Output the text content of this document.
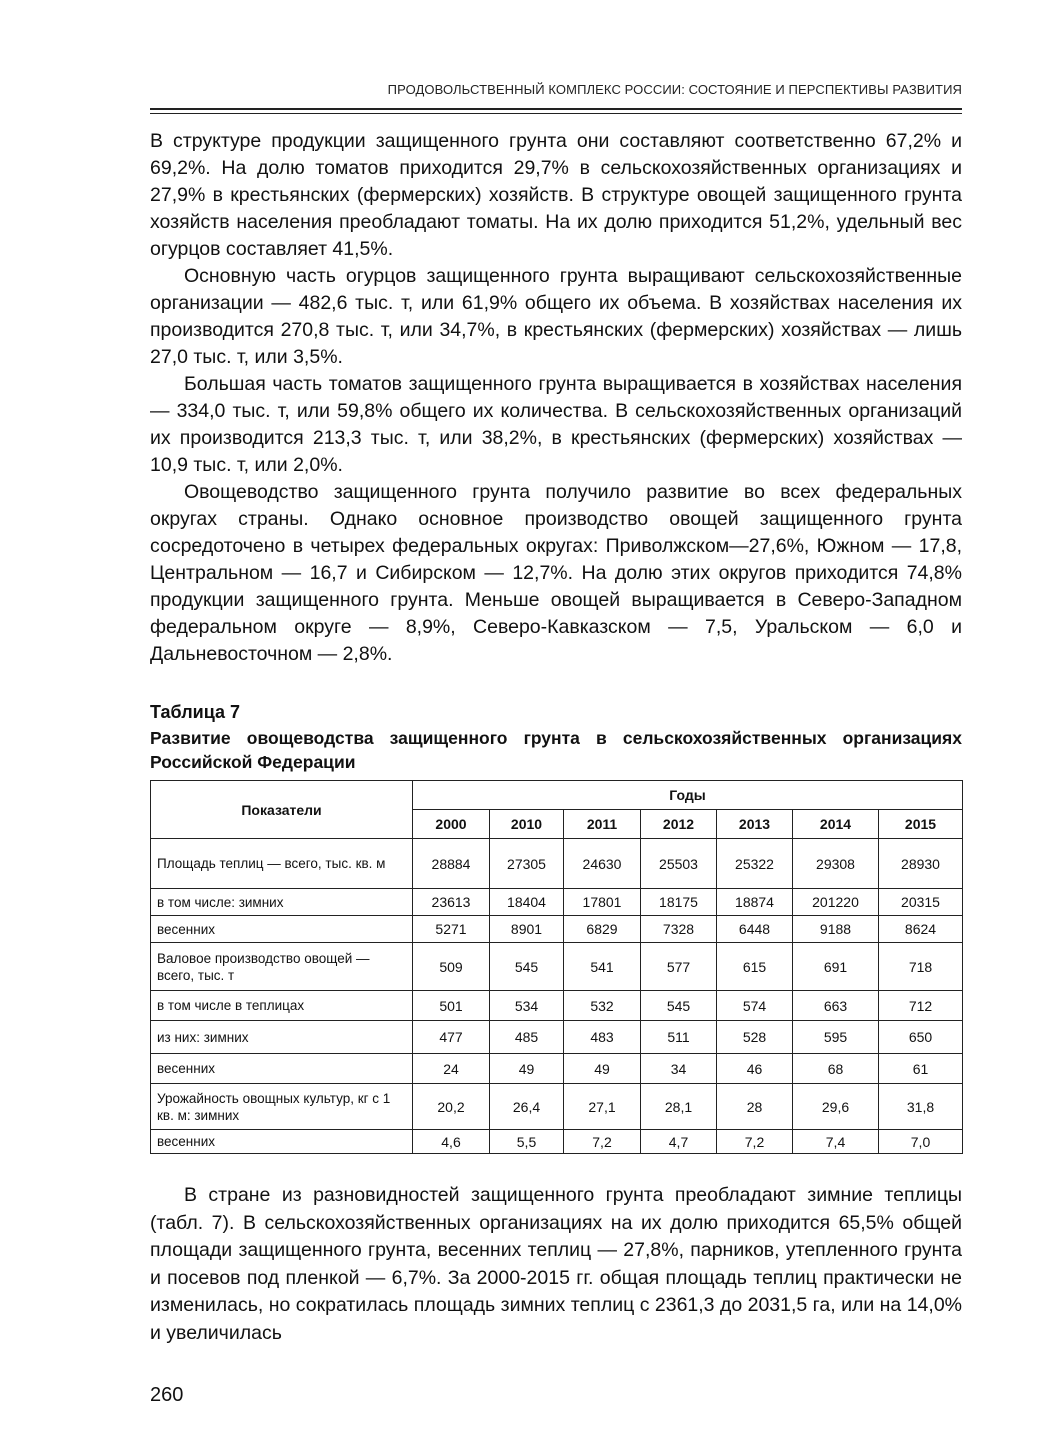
ПРОДОВОЛЬСТВЕННЫЙ КОМПЛЕКС РОССИИ: СОСТОЯНИЕ И ПЕРСПЕКТИВЫ РАЗВИТИЯ

В структуре продукции защищенного грунта они составляют соответственно 67,2% и 69,2%. На долю томатов приходится 29,7% в сельскохозяйственных организациях и 27,9% в крестьянских (фермерских) хозяйств. В структуре овощей защищенного грунта хозяйств населения преобладают томаты. На их долю приходится 51,2%, удельный вес огурцов составляет 41,5%.

Основную часть огурцов защищенного грунта выращивают сельскохозяйственные организации — 482,6 тыс. т, или 61,9% общего их объема. В хозяйствах населения их производится 270,8 тыс. т, или 34,7%, в крестьянских (фермерских) хозяйствах — лишь 27,0 тыс. т, или 3,5%.

Большая часть томатов защищенного грунта выращивается в хозяйствах населения — 334,0 тыс. т, или 59,8% общего их количества. В сельскохозяйственных организаций их производится 213,3 тыс. т, или 38,2%, в крестьянских (фермерских) хозяйствах — 10,9 тыс. т, или 2,0%.

Овощеводство защищенного грунта получило развитие во всех федеральных округах страны. Однако основное производство овощей защищенного грунта сосредоточено в четырех федеральных округах: Приволжском—27,6%, Южном — 17,8, Центральном — 16,7 и Сибирском — 12,7%. На долю этих округов приходится 74,8% продукции защищенного грунта. Меньше овощей выращивается в Северо-Западном федеральном округе — 8,9%, Северо-Кавказском — 7,5, Уральском — 6,0 и Дальневосточном — 2,8%.

Таблица 7
Развитие овощеводства защищенного грунта в сельскохозяйственных организациях Российской Федерации
Показатели	Годы						
	2000	2010	2011	2012	2013	2014	2015
Площадь теплиц — всего, тыс. кв. м	28884	27305	24630	25503	25322	29308	28930
в том числе: зимних	23613	18404	17801	18175	18874	201220	20315
весенних	5271	8901	6829	7328	6448	9188	8624
Валовое производство овощей — всего, тыс. т	509	545	541	577	615	691	718
в том числе в теплицах	501	534	532	545	574	663	712
из них: зимних	477	485	483	511	528	595	650
весенних	24	49	49	34	46	68	61
Урожайность овощных культур, кг с 1 кв. м: зимних	20,2	26,4	27,1	28,1	28	29,6	31,8
весенних	4,6	5,5	7,2	4,7	7,2	7,4	7,0

В стране из разновидностей защищенного грунта преобладают зимние теплицы (табл. 7). В сельскохозяйственных организациях на их долю приходится 65,5% общей площади защищенного грунта, весенних теплиц — 27,8%, парников, утепленного грунта и посевов под пленкой — 6,7%. За 2000-2015 гг. общая площадь теплиц практически не изменилась, но сократилась площадь зимних теплиц с 2361,3 до 2031,5 га, или на 14,0% и увеличилась

260
